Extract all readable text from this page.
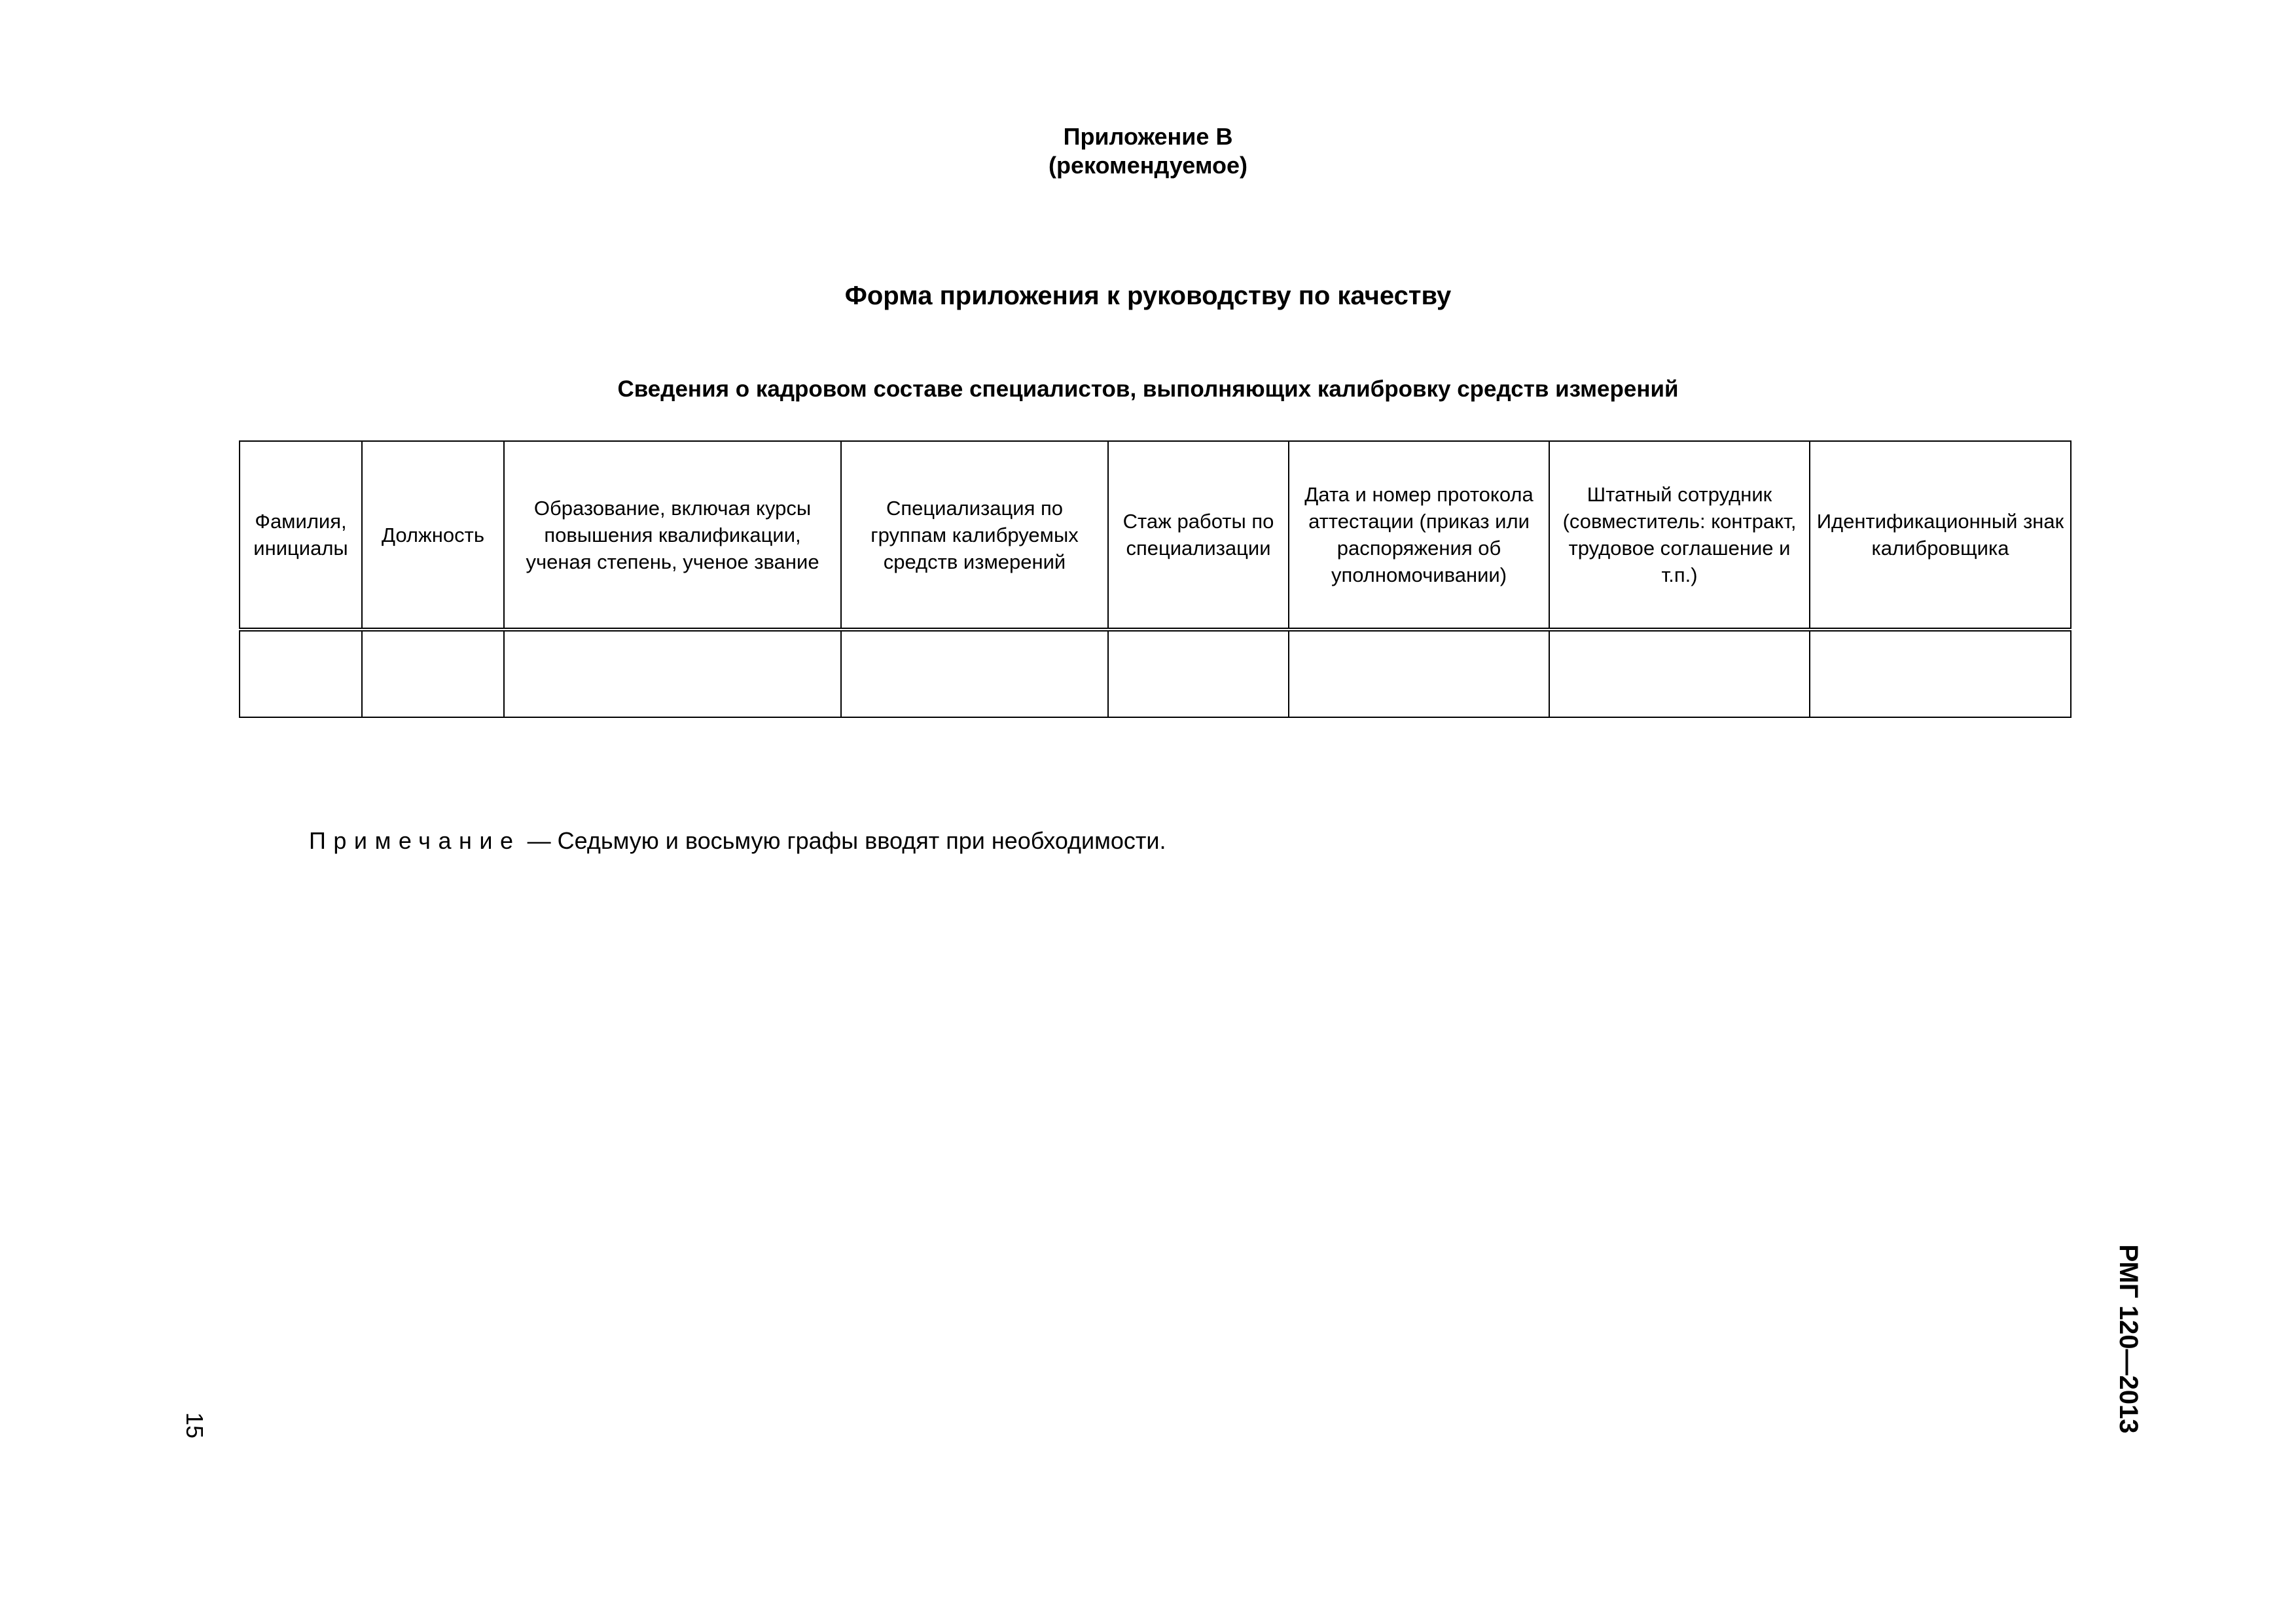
Приложение В
(рекомендуемое)
Форма приложения к руководству по качеству
Сведения о кадровом составе специалистов, выполняющих калибровку средств измерений
Фамилия, инициалы	Должность	Образование, включая курсы повышения квалификации, ученая степень, ученое звание	Специализация по группам калибруемых средств измерений	Стаж работы по специализации	Дата и номер протокола аттестации (приказ или распоряжения об уполномочивании)	Штатный сотрудник (совместитель: контракт, трудовое соглашение и т.п.)	Идентификационный знак калибровщика

Примечание — Седьмую и восьмую графы вводят при необходимости.
РМГ 120—2013
15
